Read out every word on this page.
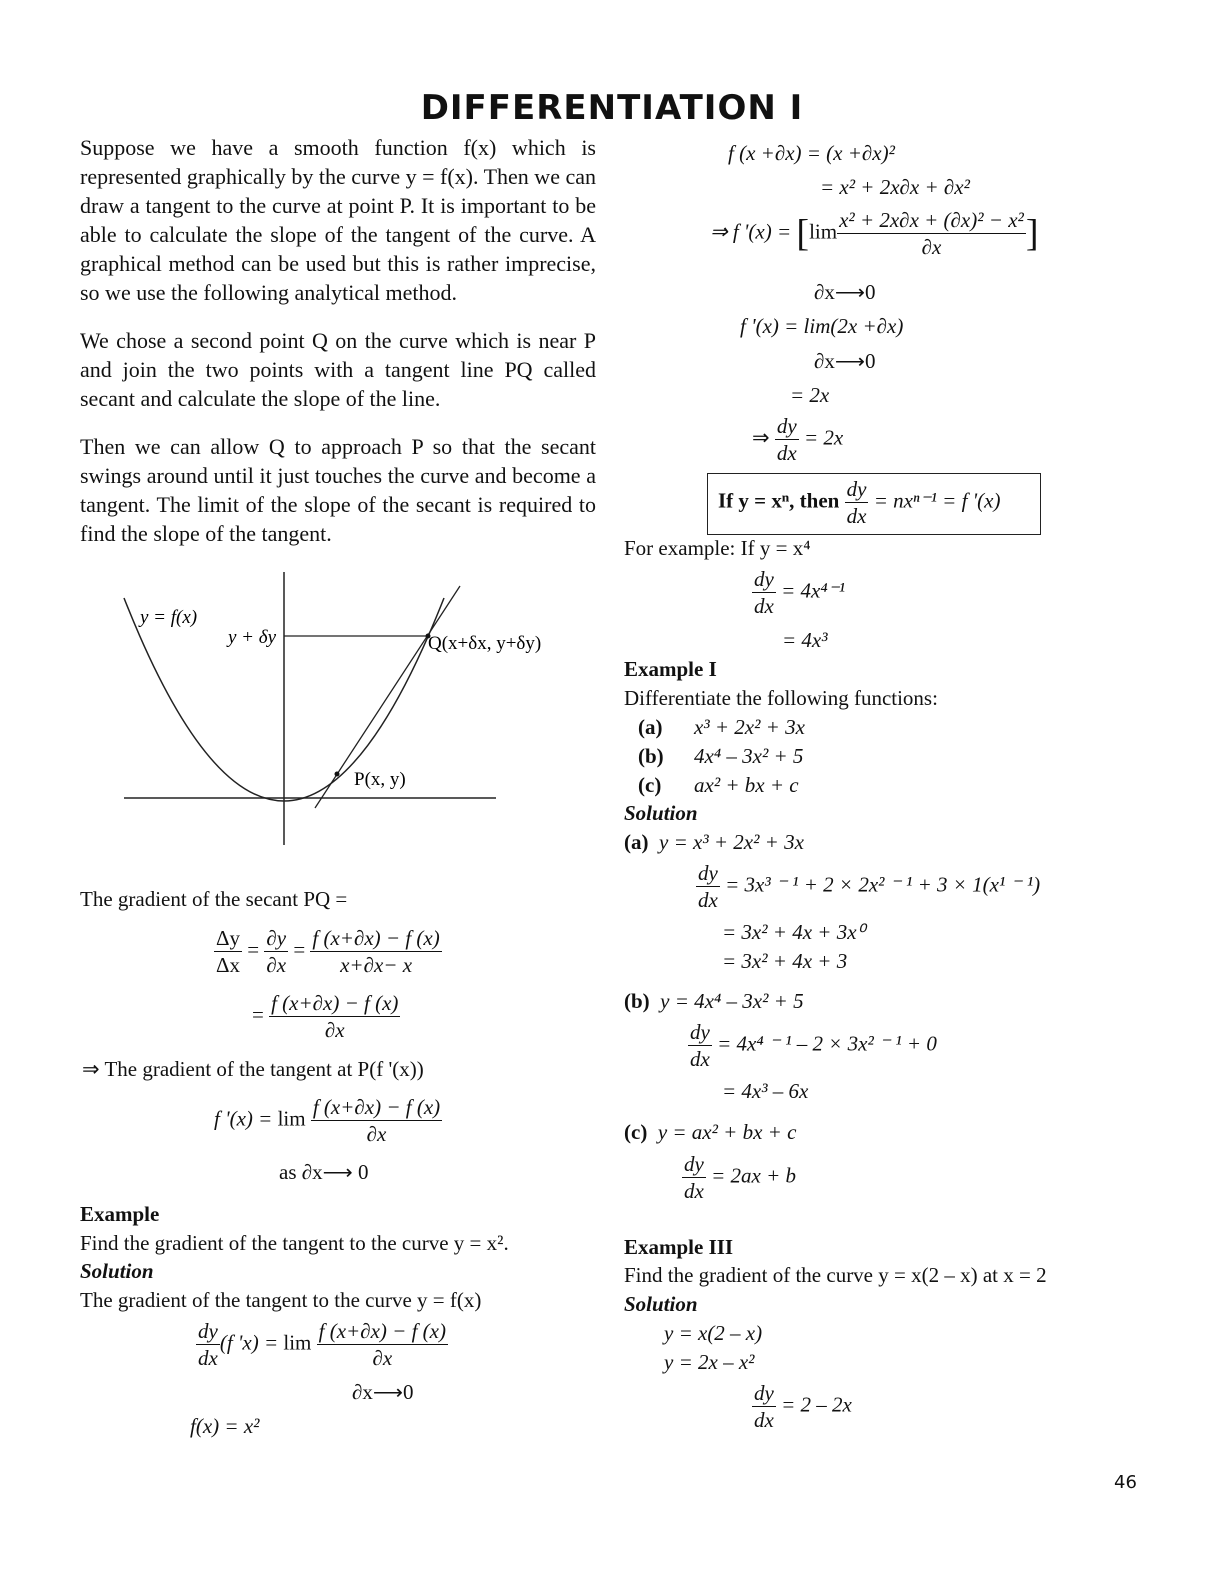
DIFFERENTIATION I
Suppose we have a smooth function f(x) which is represented graphically by the curve y = f(x). Then we can draw a tangent to the curve at point P. It is important to be able to calculate the slope of the tangent of the curve. A graphical method can be used but this is rather imprecise, so we use the following analytical method.
We chose a second point Q on the curve which is near P and join the two points with a tangent line PQ called secant and calculate the slope of the line.
Then we can allow Q to approach P so that the secant swings around until it just touches the curve and become a tangent. The limit of the slope of the secant is required to find the slope of the tangent.
y = f(x)
y + δy	Q(x+δx, y+δy)
P(x, y)
The gradient of the secant PQ =
$\frac{\Delta y}{\Delta x} = \frac{\partial y}{\partial x} = \frac{f (x+\partial x) - f (x)}{x+\partial x- x}$
= $\frac{f (x+\partial x) - f (x)}{\partial x}$
⇒ The gradient of the tangent at P(f '(x))
f '$(x) = \lim \frac{f (x+\partial x) - f (x)}{\partial x}$
as ∂x⟶ 0
Example
Find the gradient of the tangent to the curve y = x².
Solution
The gradient of the tangent to the curve y = f(x)
$\frac{dy}{dx} (f$ '$x) = \lim \frac{f (x+\partial x) - f (x)}{\partial x}$
∂x⟶0
f(x) = x²
f (x +∂x) = (x +∂x)²
= x² + 2x∂x + ∂x²
⇒ f '$(x) = [\lim \frac{\text{x² + 2x∂x + (∂x)² − x²}}{\partial x}$ ]
∂x⟶0
f '(x) = lim(2x +∂x)
∂x⟶0
= 2x
⇒ $\frac{dy}{dx} = 2x$
If y = xⁿ, then $\frac{dy}{dx} = nx^{n-1} = f$ '(x)
For example: If y = x⁴
$\frac{dy}{dx} = 4x^{4-1}$
= 4x³
Example I
Differentiate the following functions:
(a) x³ + 2x² + 3x
(b) 4x⁴ – 3x² + 5
(c) ax² + bx + c
Solution
(a) y = x³ + 2x² + 3x
$\frac{dy}{dx} = 3x^3$ ⁻ ¹ + 2 × 2x² ⁻ ¹ + 3 × 1(x¹ ⁻ ¹)
= 3x² + 4x + 3x⁰
= 3x² + 4x + 3
(b) y = 4x⁴ – 3x² + 5
$\frac{dy}{dx} = 4x^4$ ⁻ ¹ – 2 × 3x² ⁻ ¹ + 0
= 4x³ – 6x
(c) y = ax² + bx + c
$\frac{dy}{dx} = 2ax + b$
Example III
Find the gradient of the curve y = x(2 – x) at x = 2
Solution
y = x(2 – x)
y = 2x – x²
$\frac{dy}{dx} = 2 - 2x$
46
